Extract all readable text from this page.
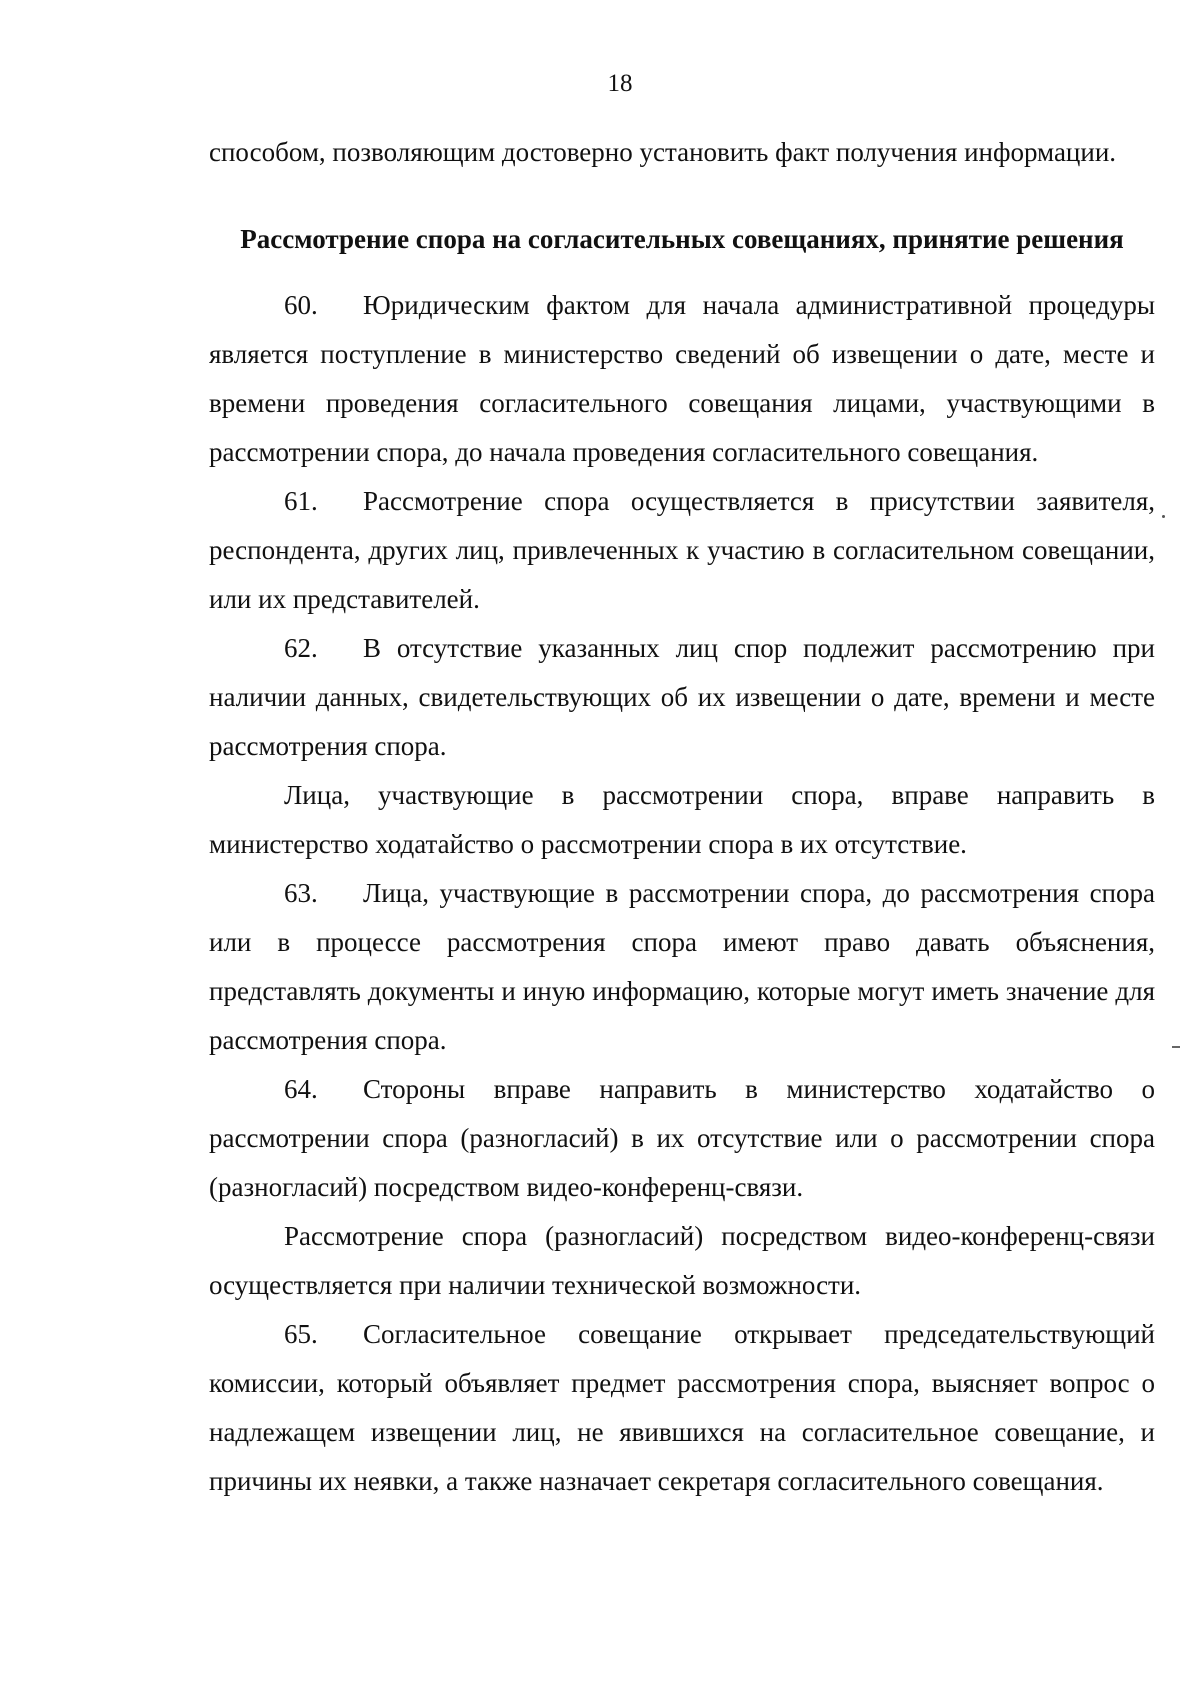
18

способом, позволяющим достоверно установить факт получения информации.

Рассмотрение спора на согласительных совещаниях, принятие решения

60. Юридическим фактом для начала административной процедуры является поступление в министерство сведений об извещении о дате, месте и времени проведения согласительного совещания лицами, участвующими в рассмотрении спора, до начала проведения согласительного совещания.

61. Рассмотрение спора осуществляется в присутствии заявителя, респондента, других лиц, привлеченных к участию в согласительном совещании, или их представителей.

62. В отсутствие указанных лиц спор подлежит рассмотрению при наличии данных, свидетельствующих об их извещении о дате, времени и месте рассмотрения спора.

Лица, участвующие в рассмотрении спора, вправе направить в министерство ходатайство о рассмотрении спора в их отсутствие.

63. Лица, участвующие в рассмотрении спора, до рассмотрения спора или в процессе рассмотрения спора имеют право давать объяснения, представлять документы и иную информацию, которые могут иметь значение для рассмотрения спора.

64. Стороны вправе направить в министерство ходатайство о рассмотрении спора (разногласий) в их отсутствие или о рассмотрении спора (разногласий) посредством видео-конференц-связи.

Рассмотрение спора (разногласий) посредством видео-конференц-связи осуществляется при наличии технической возможности.

65. Согласительное совещание открывает председательствующий комиссии, который объявляет предмет рассмотрения спора, выясняет вопрос о надлежащем извещении лиц, не явившихся на согласительное совещание, и причины их неявки, а также назначает секретаря согласительного совещания.
